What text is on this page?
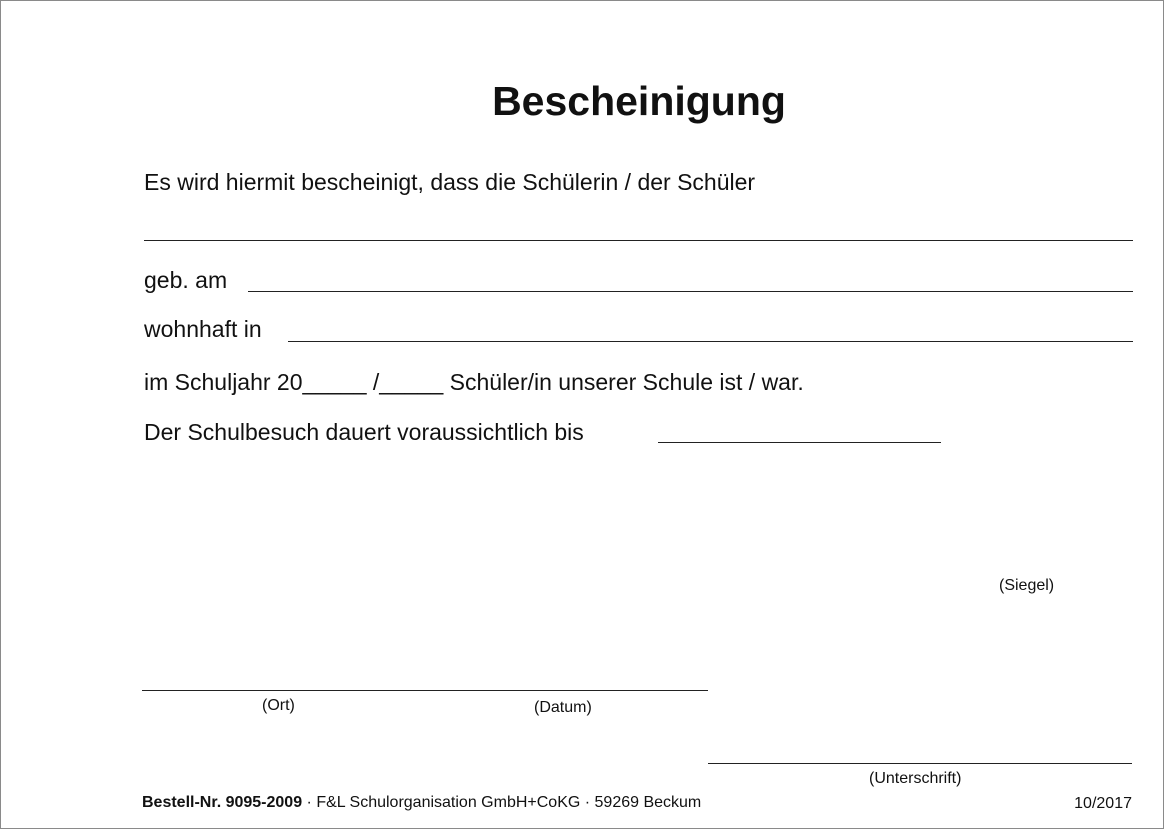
Bescheinigung
Es wird hiermit bescheinigt, dass die Schülerin / der Schüler
geb. am
wohnhaft in
im Schuljahr 20_____ /_____ Schüler/in unserer Schule ist / war.
Der Schulbesuch dauert voraussichtlich bis
(Siegel)
(Ort)	(Datum)
(Unterschrift)
Bestell-Nr. 9095-2009 · F&L Schulorganisation GmbH+CoKG · 59269 Beckum	10/2017
